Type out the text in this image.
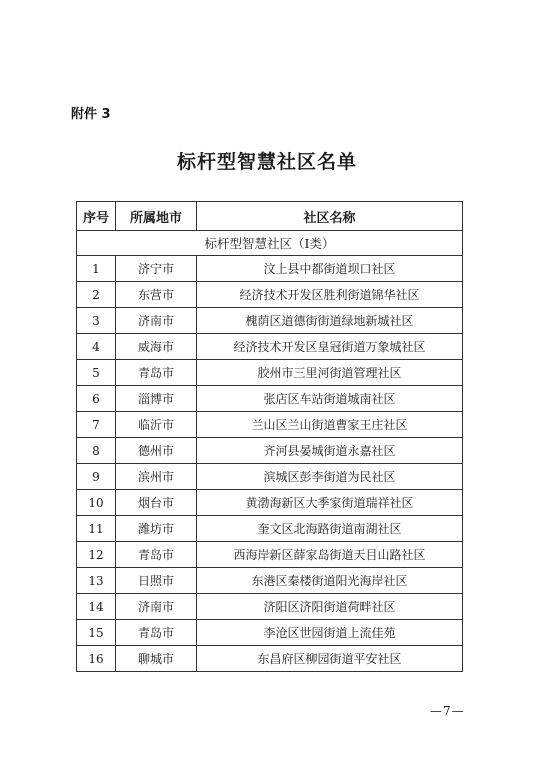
附件 3
标杆型智慧社区名单
序号	所属地市	社区名称
标杆型智慧社区（I类）		
1	济宁市	汶上县中都街道坝口社区
2	东营市	经济技术开发区胜利街道锦华社区
3	济南市	槐荫区道德街街道绿地新城社区
4	威海市	经济技术开发区皇冠街道万象城社区
5	青岛市	胶州市三里河街道管理社区
6	淄博市	张店区车站街道城南社区
7	临沂市	兰山区兰山街道曹家王庄社区
8	德州市	齐河县晏城街道永嘉社区
9	滨州市	滨城区彭李街道为民社区
10	烟台市	黄渤海新区大季家街道瑞祥社区
11	潍坊市	奎文区北海路街道南湖社区
12	青岛市	西海岸新区薛家岛街道天目山路社区
13	日照市	东港区秦楼街道阳光海岸社区
14	济南市	济阳区济阳街道荷畔社区
15	青岛市	李沧区世园街道上流佳苑
16	聊城市	东昌府区柳园街道平安社区
—7—
